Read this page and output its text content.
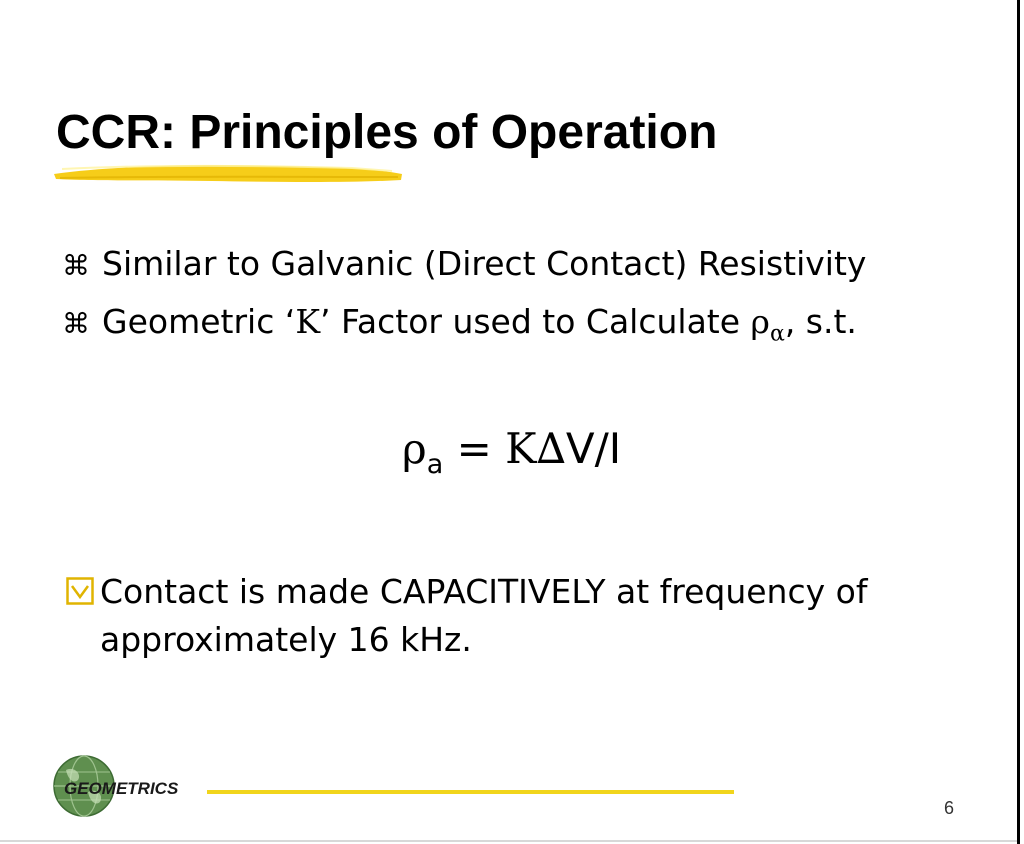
CCR: Principles of Operation
⌘ Similar to Galvanic (Direct Contact) Resistivity
⌘ Geometric ‘K’ Factor used to Calculate $\rho_\alpha$, s.t.
$\rho_a = K\Delta V/I$
Contact is made CAPACITIVELY at frequency of
approximately 16 kHz.
GEOMETRICS
6
